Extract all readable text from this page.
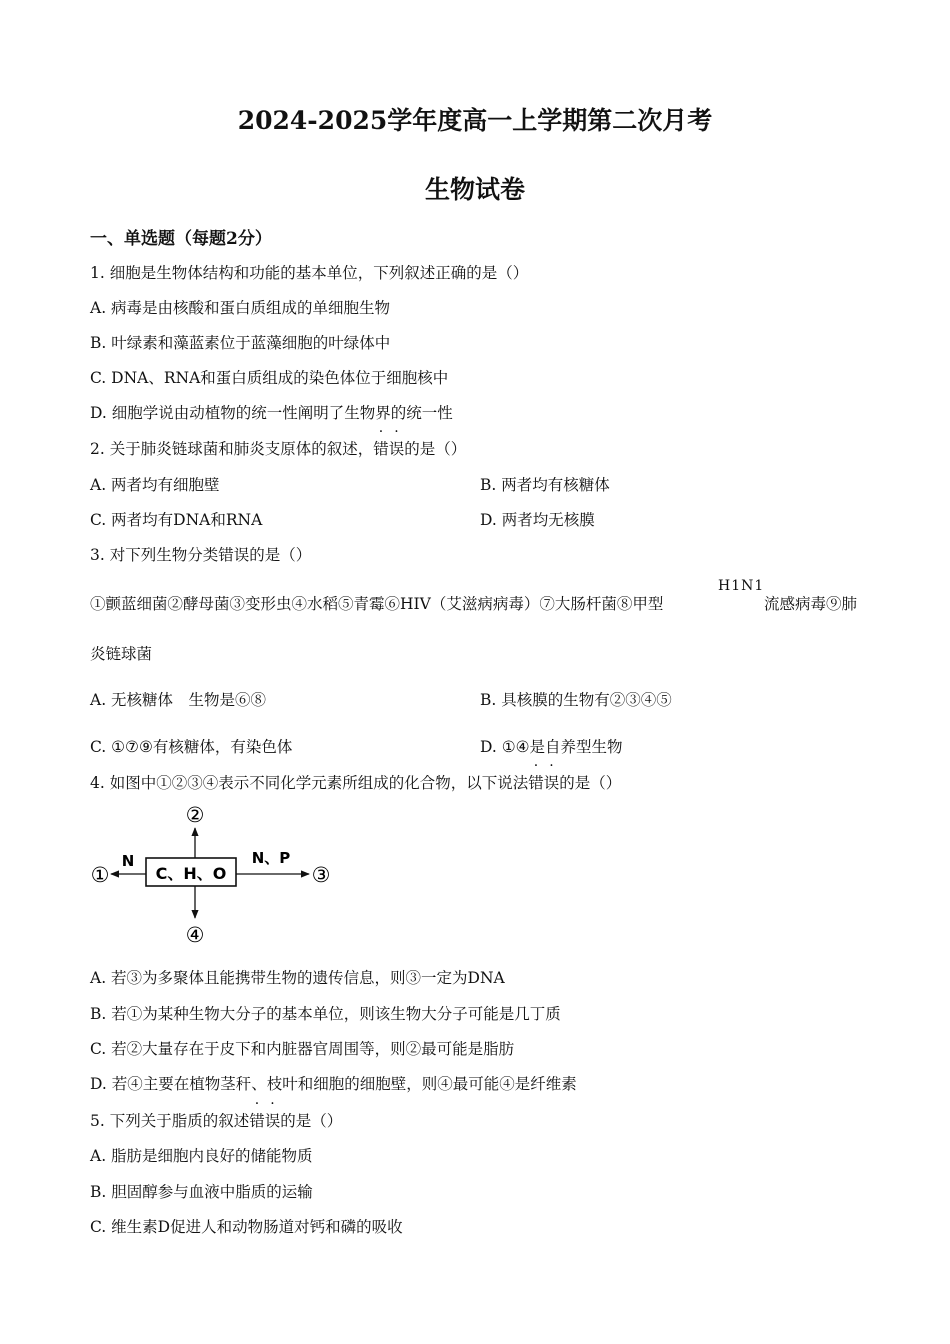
2024-2025学年度高一上学期第二次月考
生物试卷
一、单选题（每题2分）
1. 细胞是生物体结构和功能的基本单位，下列叙述正确的是（）
A. 病毒是由核酸和蛋白质组成的单细胞生物
B. 叶绿素和藻蓝素位于蓝藻细胞的叶绿体中
C. DNA、RNA和蛋白质组成的染色体位于细胞核中
D. 细胞学说由动植物的统一性阐明了生物界的统一性
2. 关于肺炎链球菌和肺炎支原体的叙述，错误的是（）
A. 两者均有细胞壁	B. 两者均有核糖体
C. 两者均有DNA和RNA	D. 两者均无核膜
3. 对下列生物分类错误的是（）
①颤蓝细菌②酵母菌③变形虫④水稻⑤青霉⑥HIV（艾滋病病毒）⑦大肠杆菌⑧甲型
H1N1
流感病毒⑨肺
炎链球菌
A. 无核糖体　生物是⑥⑧	B. 具核膜的生物有②③④⑤
C. ①⑦⑨有核糖体，有染色体	D. ①④是自养型生物
4. 如图中①②③④表示不同化学元素所组成的化合物，以下说法错误的是（）
C、H、O
N	N、P
①
②
③
④
A. 若③为多聚体且能携带生物的遗传信息，则③一定为DNA
B. 若①为某种生物大分子的基本单位，则该生物大分子可能是几丁质
C. 若②大量存在于皮下和内脏器官周围等，则②最可能是脂肪
D. 若④主要在植物茎秆、枝叶和细胞的细胞壁，则④最可能④是纤维素
5. 下列关于脂质的叙述错误的是（）
A. 脂肪是细胞内良好的储能物质
B. 胆固醇参与血液中脂质的运输
C. 维生素D促进人和动物肠道对钙和磷的吸收
